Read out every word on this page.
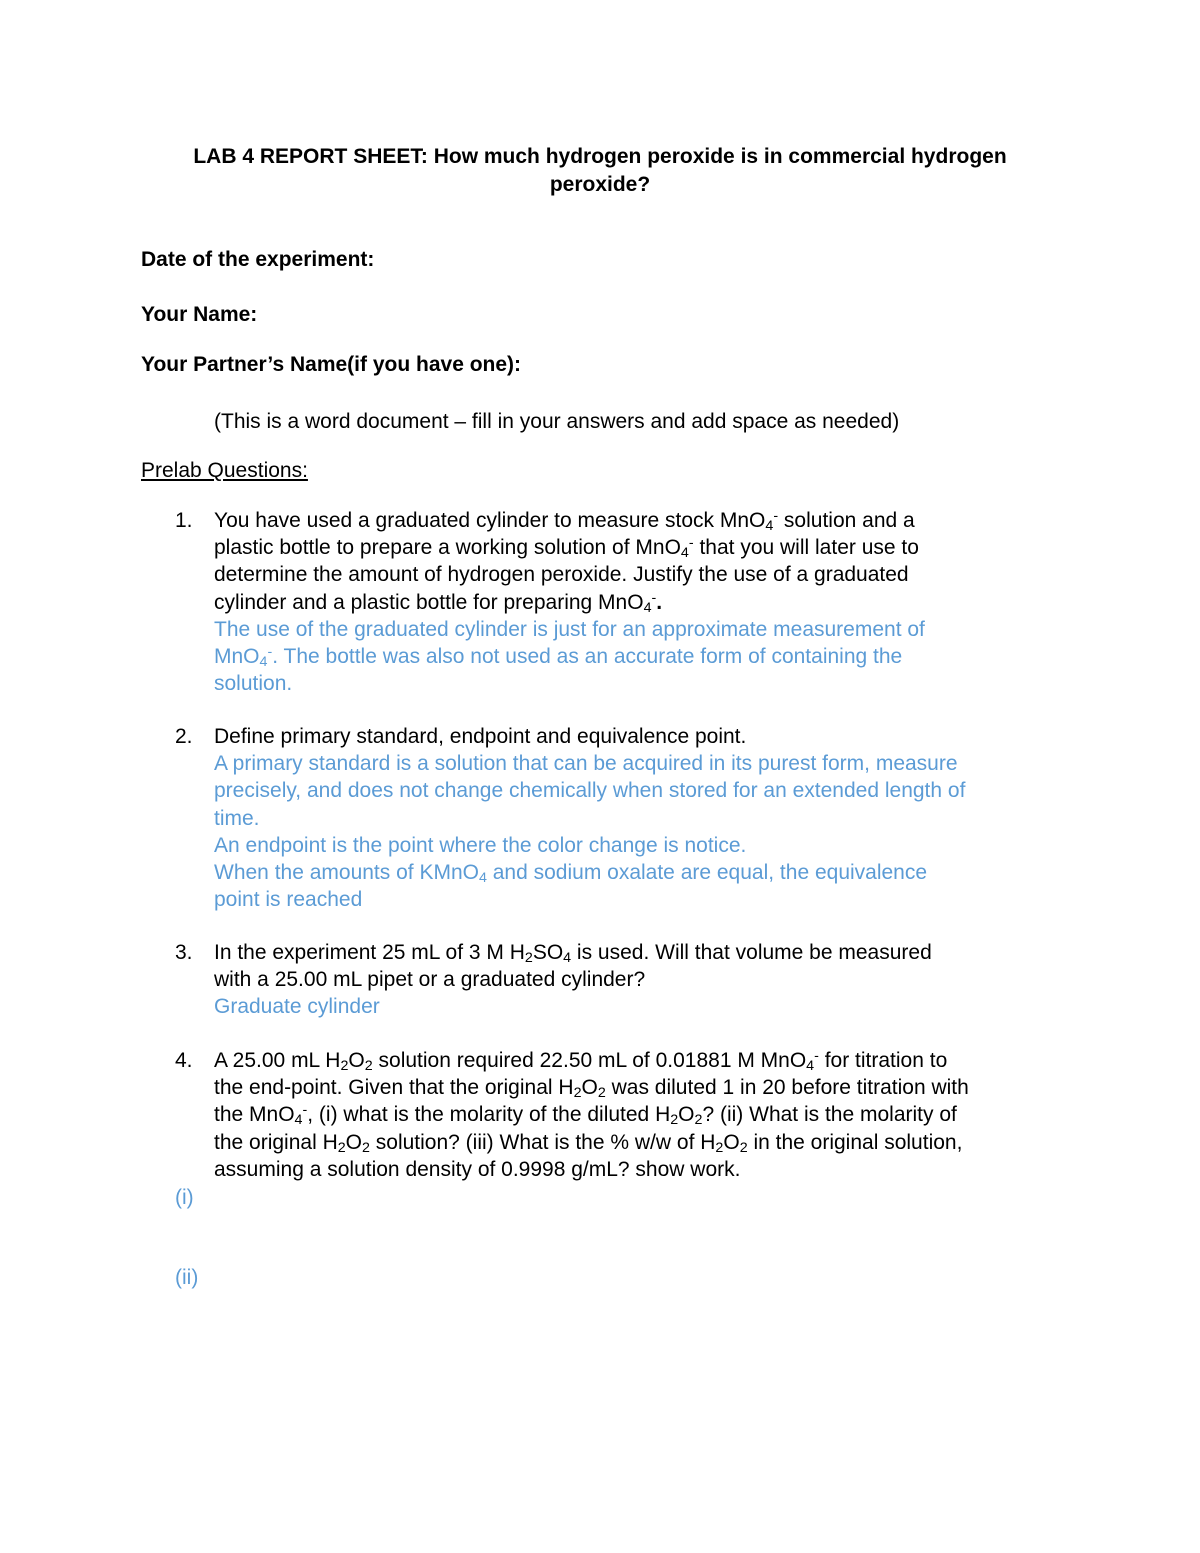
LAB 4 REPORT SHEET: How much hydrogen peroxide is in commercial hydrogen
peroxide?
Date of the experiment:
Your Name:
Your Partner’s Name(if you have one):
(This is a word document – fill in your answers and add space as needed)
Prelab Questions:
1. You have used a graduated cylinder to measure stock MnO$_4$- solution and a
plastic bottle to prepare a working solution of MnO$_4$- that you will later use to
determine the amount of hydrogen peroxide. Justify the use of a graduated
cylinder and a plastic bottle for preparing MnO$_4$-.
The use of the graduated cylinder is just for an approximate measurement of
MnO$_4$-. The bottle was also not used as an accurate form of containing the
solution.
2. Define primary standard, endpoint and equivalence point.
A primary standard is a solution that can be acquired in its purest form, measure
precisely, and does not change chemically when stored for an extended length of
time.
An endpoint is the point where the color change is notice.
When the amounts of KMnO$_4$ and sodium oxalate are equal, the equivalence
point is reached
3. In the experiment 25 mL of 3 M $H_2SO_4$ is used. Will that volume be measured
with a 25.00 mL pipet or a graduated cylinder?
Graduate cylinder
4. A 25.00 mL $H_2O_2$ solution required 22.50 mL of 0.01881 M MnO$_4$- for titration to
the end-point. Given that the original $H_2O_2$ was diluted 1 in 20 before titration with
the MnO$_4$-, (i) what is the molarity of the diluted $H_2O_2$? (ii) What is the molarity of
the original $H_2O_2$ solution? (iii) What is the % w/w of $H_2O_2$ in the original solution,
assuming a solution density of 0.9998 g/mL? show work.
(i)
(ii)
